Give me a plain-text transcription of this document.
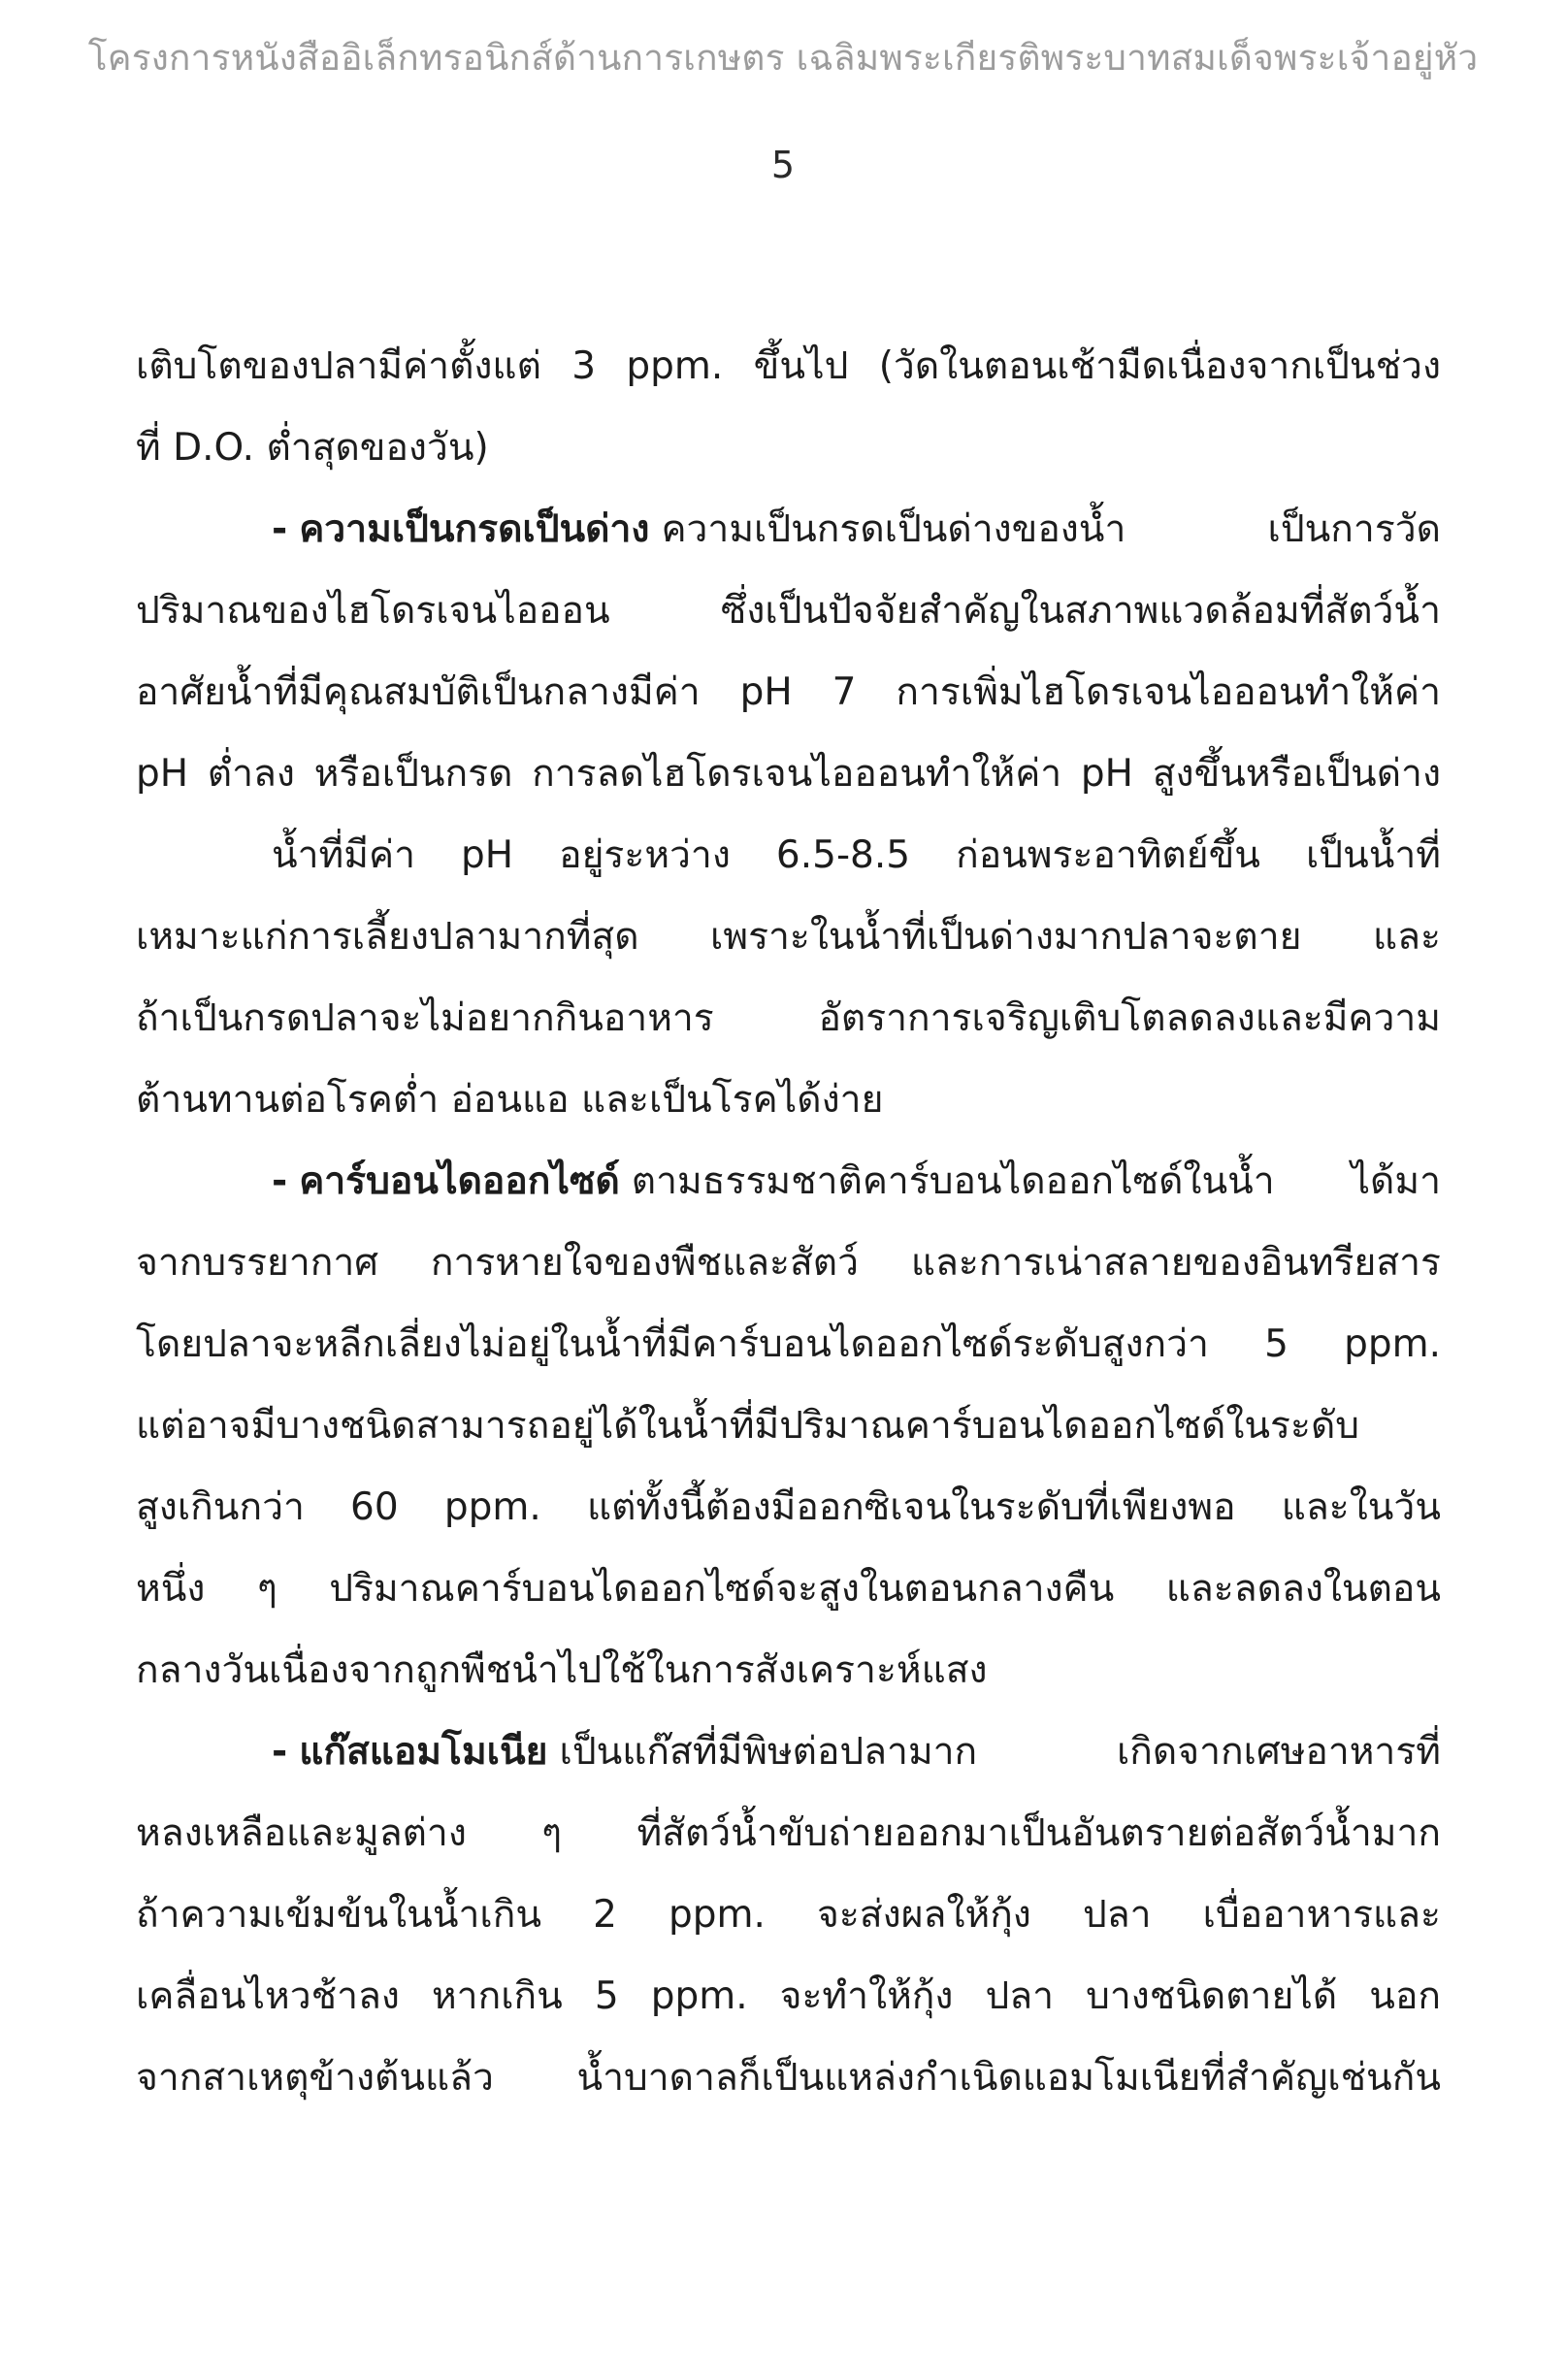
โครงการหนังสืออิเล็กทรอนิกส์ด้านการเกษตร เฉลิมพระเกียรติพระบาทสมเด็จพระเจ้าอยู่หัว
5
เติบโตของปลามีค่าตั้งแต่ 3 ppm. ขึ้นไป (วัดในตอนเช้ามืดเนื่องจากเป็นช่วง
ที่ D.O. ต่ำสุดของวัน)
- ความเป็นกรดเป็นด่าง ความเป็นกรดเป็นด่างของน้ำ เป็นการวัด
ปริมาณของไฮโดรเจนไอออน ซึ่งเป็นปัจจัยสำคัญในสภาพแวดล้อมที่สัตว์น้ำ
อาศัยน้ำที่มีคุณสมบัติเป็นกลางมีค่า pH 7 การเพิ่มไฮโดรเจนไอออนทำให้ค่า
pH ต่ำลง หรือเป็นกรด การลดไฮโดรเจนไอออนทำให้ค่า pH สูงขึ้นหรือเป็นด่าง
น้ำที่มีค่า pH อยู่ระหว่าง 6.5-8.5 ก่อนพระอาทิตย์ขึ้น เป็นน้ำที่
เหมาะแก่การเลี้ยงปลามากที่สุด เพราะในน้ำที่เป็นด่างมากปลาจะตาย และ
ถ้าเป็นกรดปลาจะไม่อยากกินอาหาร อัตราการเจริญเติบโตลดลงและมีความ
ต้านทานต่อโรคต่ำ อ่อนแอ และเป็นโรคได้ง่าย
- คาร์บอนไดออกไซด์ ตามธรรมชาติคาร์บอนไดออกไซด์ในน้ำ ได้มา
จากบรรยากาศ การหายใจของพืชและสัตว์ และการเน่าสลายของอินทรียสาร
โดยปลาจะหลีกเลี่ยงไม่อยู่ในน้ำที่มีคาร์บอนไดออกไซด์ระดับสูงกว่า 5 ppm.
แต่อาจมีบางชนิดสามารถอยู่ได้ในน้ำที่มีปริมาณคาร์บอนไดออกไซด์ในระดับ
สูงเกินกว่า 60 ppm. แต่ทั้งนี้ต้องมีออกซิเจนในระดับที่เพียงพอ และในวัน
หนึ่ง ๆ ปริมาณคาร์บอนไดออกไซด์จะสูงในตอนกลางคืน และลดลงในตอน
กลางวันเนื่องจากถูกพืชนำไปใช้ในการสังเคราะห์แสง
- แก๊สแอมโมเนีย เป็นแก๊สที่มีพิษต่อปลามาก เกิดจากเศษอาหารที่
หลงเหลือและมูลต่าง ๆ ที่สัตว์น้ำขับถ่ายออกมาเป็นอันตรายต่อสัตว์น้ำมาก
ถ้าความเข้มข้นในน้ำเกิน 2 ppm. จะส่งผลให้กุ้ง ปลา เบื่ออาหารและ
เคลื่อนไหวช้าลง หากเกิน 5 ppm. จะทำให้กุ้ง ปลา บางชนิดตายได้ นอก
จากสาเหตุข้างต้นแล้ว น้ำบาดาลก็เป็นแหล่งกำเนิดแอมโมเนียที่สำคัญเช่นกัน
